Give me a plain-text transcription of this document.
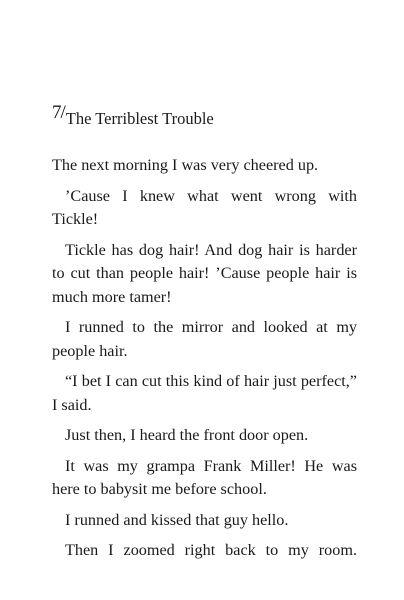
7/The Terriblest Trouble

The next morning I was very cheered up.

’Cause I knew what went wrong with Tickle!

Tickle has dog hair! And dog hair is harder to cut than people hair! ’Cause people hair is much more tamer!

I runned to the mirror and looked at my people hair.

“I bet I can cut this kind of hair just perfect,” I said.

Just then, I heard the front door open.

It was my grampa Frank Miller! He was here to babysit me before school.

I runned and kissed that guy hello.

Then I zoomed right back to my room.
